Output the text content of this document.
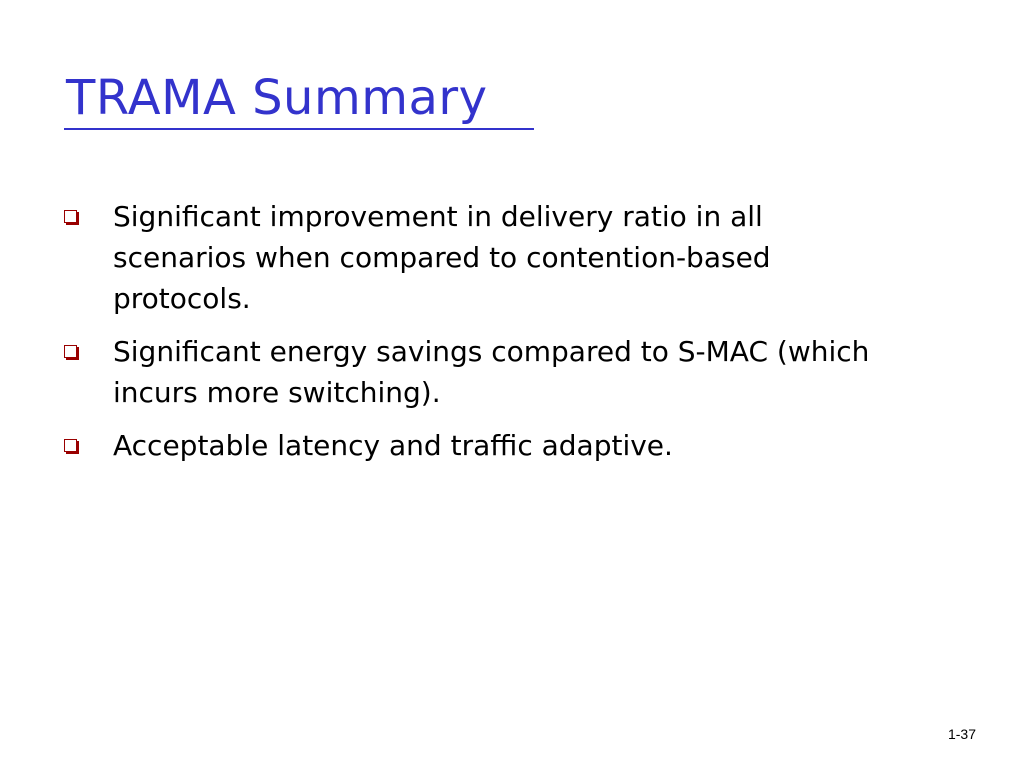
TRAMA Summary
Significant improvement in delivery ratio in all scenarios when compared to contention-based protocols.
Significant energy savings compared to S-MAC (which incurs more switching).
Acceptable latency and traffic adaptive.
1-37
